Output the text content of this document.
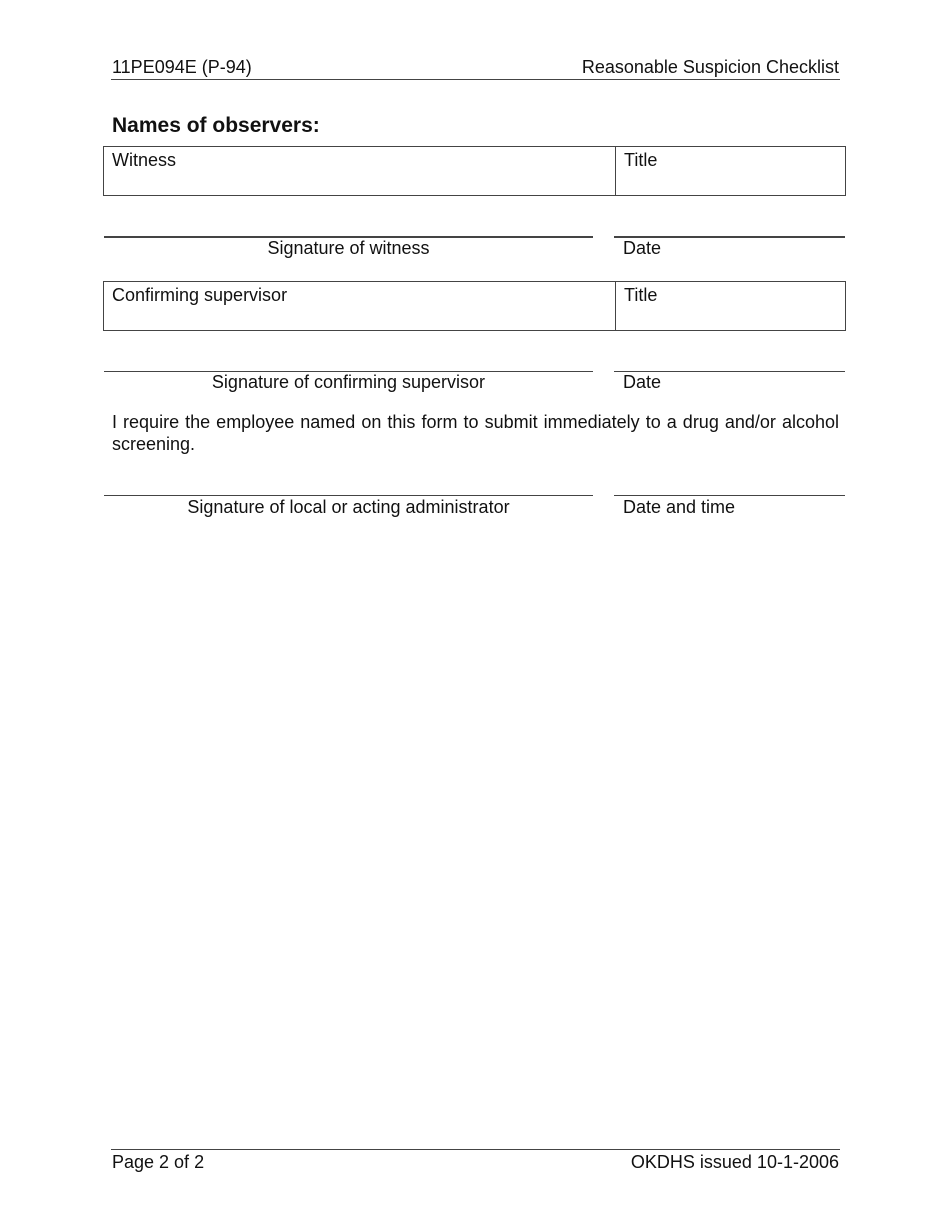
11PE094E (P-94)	Reasonable Suspicion Checklist
Names of observers:
Witness	Title
Signature of witness	Date
Confirming supervisor	Title
Signature of confirming supervisor	Date
I require the employee named on this form to submit immediately to a drug and/or alcohol screening.
Signature of local or acting administrator	Date and time
Page 2 of 2	OKDHS issued 10-1-2006
